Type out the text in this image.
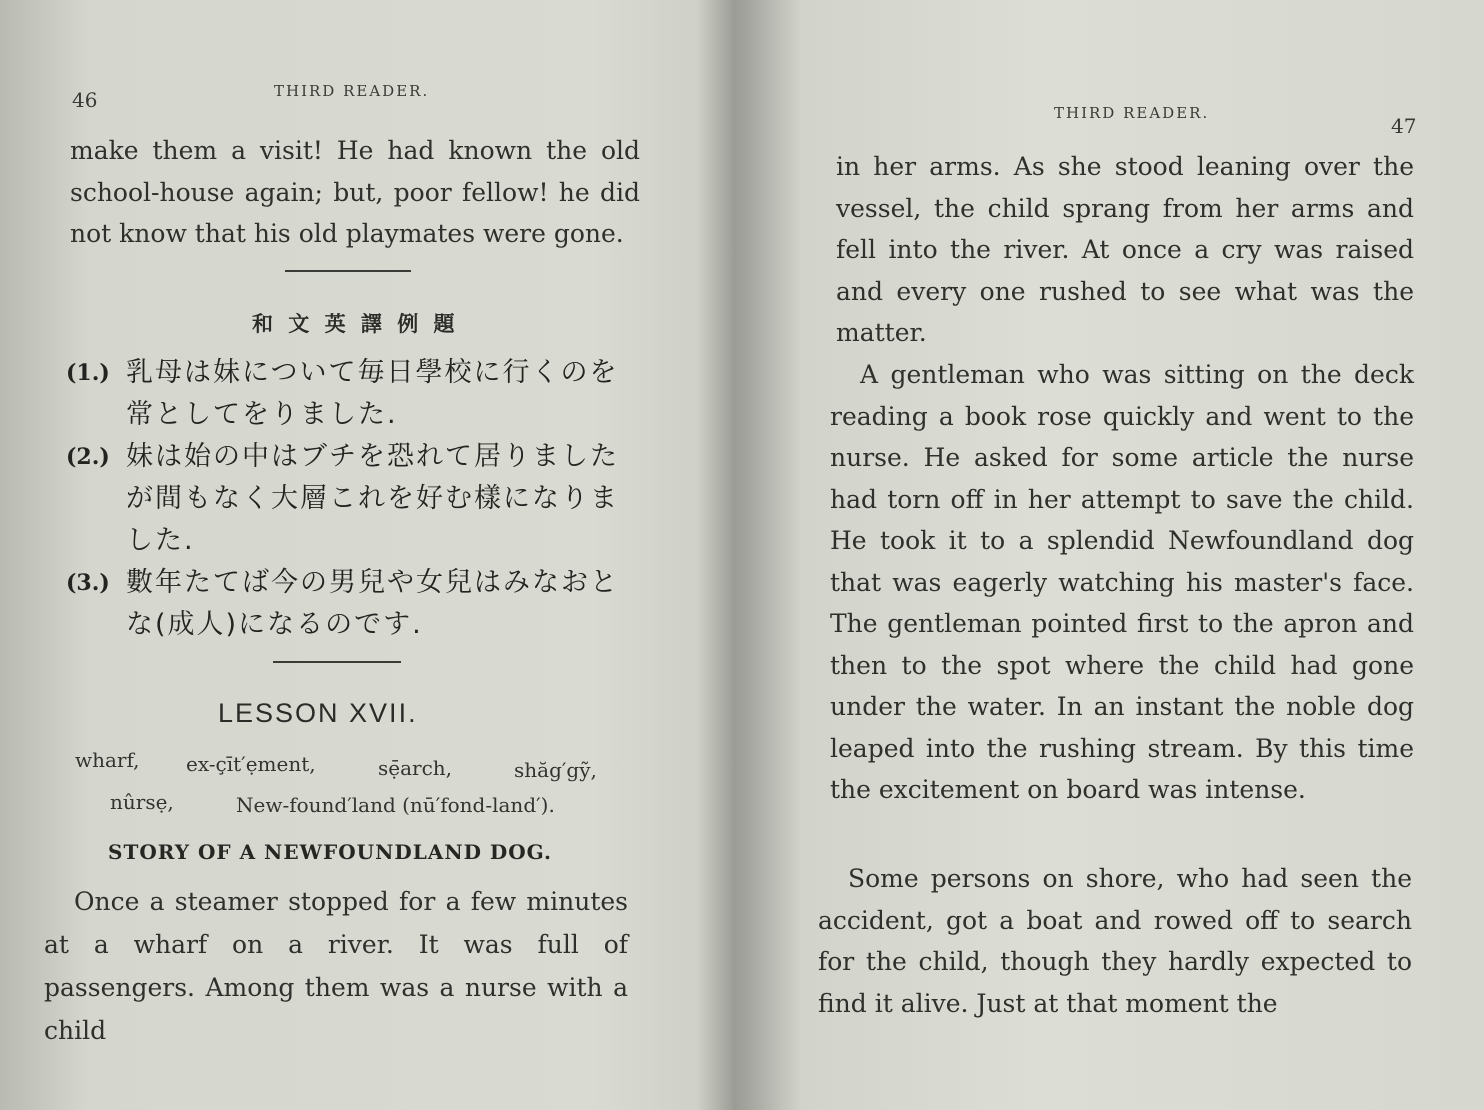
46	THIRD READER.

make them a visit! He had known the old school-house again; but, poor fellow! he did not know that his old playmates were gone.

和 文 英 譯 例 題
(1.) 乳母は妹について毎日學校に行くのを常としてをりました.
(2.) 妹は始の中はブチを恐れて居りましたが間もなく大層これを好む樣になりました.
(3.) 數年たてば今の男兒や女兒はみなおとな(成人)になるのです.
LESSON XVII.
wharf, ex-çīt′ẹment,	sẹ̄arch,	shăg′gỹ,
nûrsẹ,	New-found′land (nū′fond-land′).
STORY OF A NEWFOUNDLAND DOG.

Once a steamer stopped for a few minutes at a wharf on a river. It was full of passengers. Among them was a nurse with a child

THIRD READER.
47

in her arms. As she stood leaning over the vessel, the child sprang from her arms and fell into the river. At once a cry was raised and every one rushed to see what was the matter.

A gentleman who was sitting on the deck reading a book rose quickly and went to the nurse. He asked for some article the nurse had torn off in her attempt to save the child. He took it to a splendid Newfoundland dog that was eagerly watching his master's face. The gentleman pointed first to the apron and then to the spot where the child had gone under the water. In an instant the noble dog leaped into the rushing stream. By this time the excitement on board was intense.

Some persons on shore, who had seen the accident, got a boat and rowed off to search for the child, though they hardly expected to find it alive. Just at that moment the
